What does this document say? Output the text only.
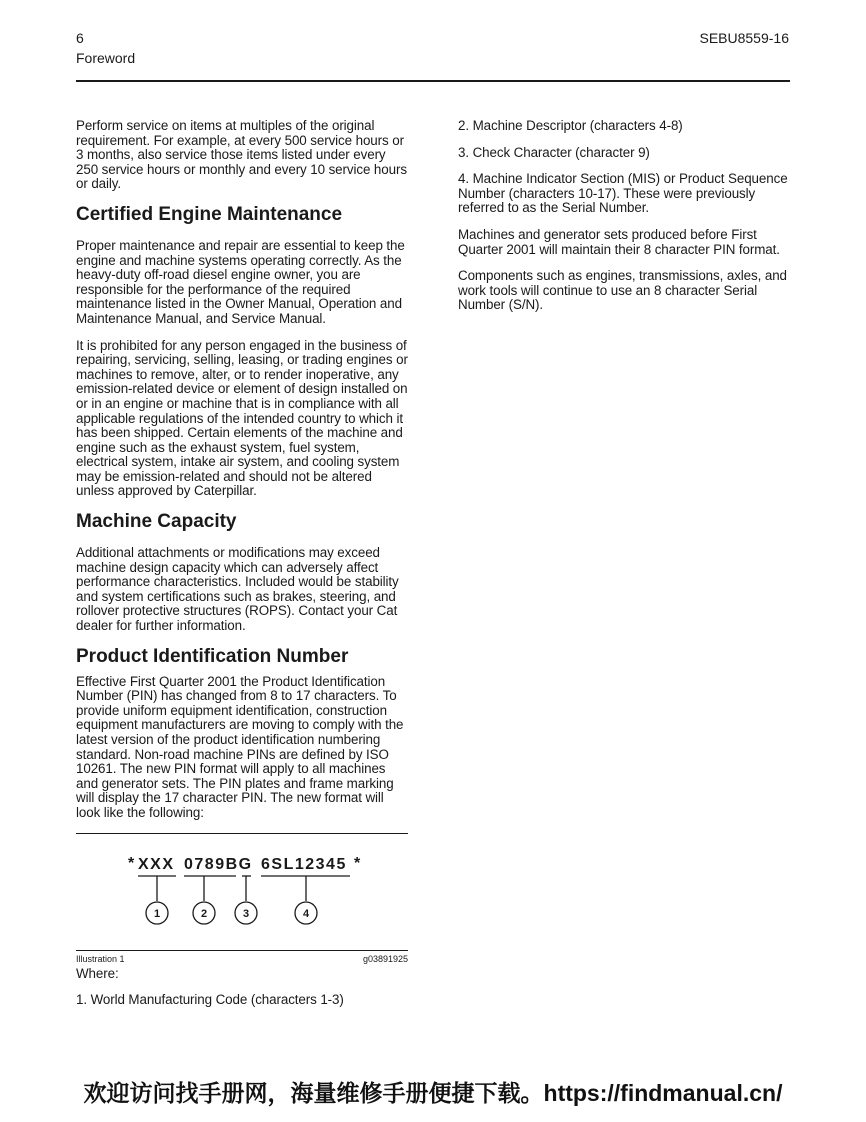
6
Foreword
SEBU8559-16

Perform service on items at multiples of the original requirement. For example, at every 500 service hours or 3 months, also service those items listed under every 250 service hours or monthly and every 10 service hours or daily.

Certified Engine Maintenance

Proper maintenance and repair are essential to keep the engine and machine systems operating correctly. As the heavy-duty off-road diesel engine owner, you are responsible for the performance of the required maintenance listed in the Owner Manual, Operation and Maintenance Manual, and Service Manual.

It is prohibited for any person engaged in the business of repairing, servicing, selling, leasing, or trading engines or machines to remove, alter, or to render inoperative, any emission-related device or element of design installed on or in an engine or machine that is in compliance with all applicable regulations of the intended country to which it has been shipped. Certain elements of the machine and engine such as the exhaust system, fuel system, electrical system, intake air system, and cooling system may be emission-related and should not be altered unless approved by Caterpillar.

Machine Capacity

Additional attachments or modifications may exceed machine design capacity which can adversely affect performance characteristics. Included would be stability and system certifications such as brakes, steering, and rollover protective structures (ROPS). Contact your Cat dealer for further information.

Product Identification Number

Effective First Quarter 2001 the Product Identification Number (PIN) has changed from 8 to 17 characters. To provide uniform equipment identification, construction equipment manufacturers are moving to comply with the latest version of the product identification numbering standard. Non-road machine PINs are defined by ISO 10261. The new PIN format will apply to all machines and generator sets. The PIN plates and frame marking will display the 17 character PIN. The new format will look like the following:

* XXX 0789BG 6SL12345 *
1	2	3	4
Illustration 1	g03891925

Where:

1. World Manufacturing Code (characters 1-3)

2. Machine Descriptor (characters 4-8)

3. Check Character (character 9)

4. Machine Indicator Section (MIS) or Product Sequence Number (characters 10-17). These were previously referred to as the Serial Number.

Machines and generator sets produced before First Quarter 2001 will maintain their 8 character PIN format.

Components such as engines, transmissions, axles, and work tools will continue to use an 8 character Serial Number (S/N).

欢迎访问找手册网，海量维修手册便捷下载。https://findmanual.cn/
